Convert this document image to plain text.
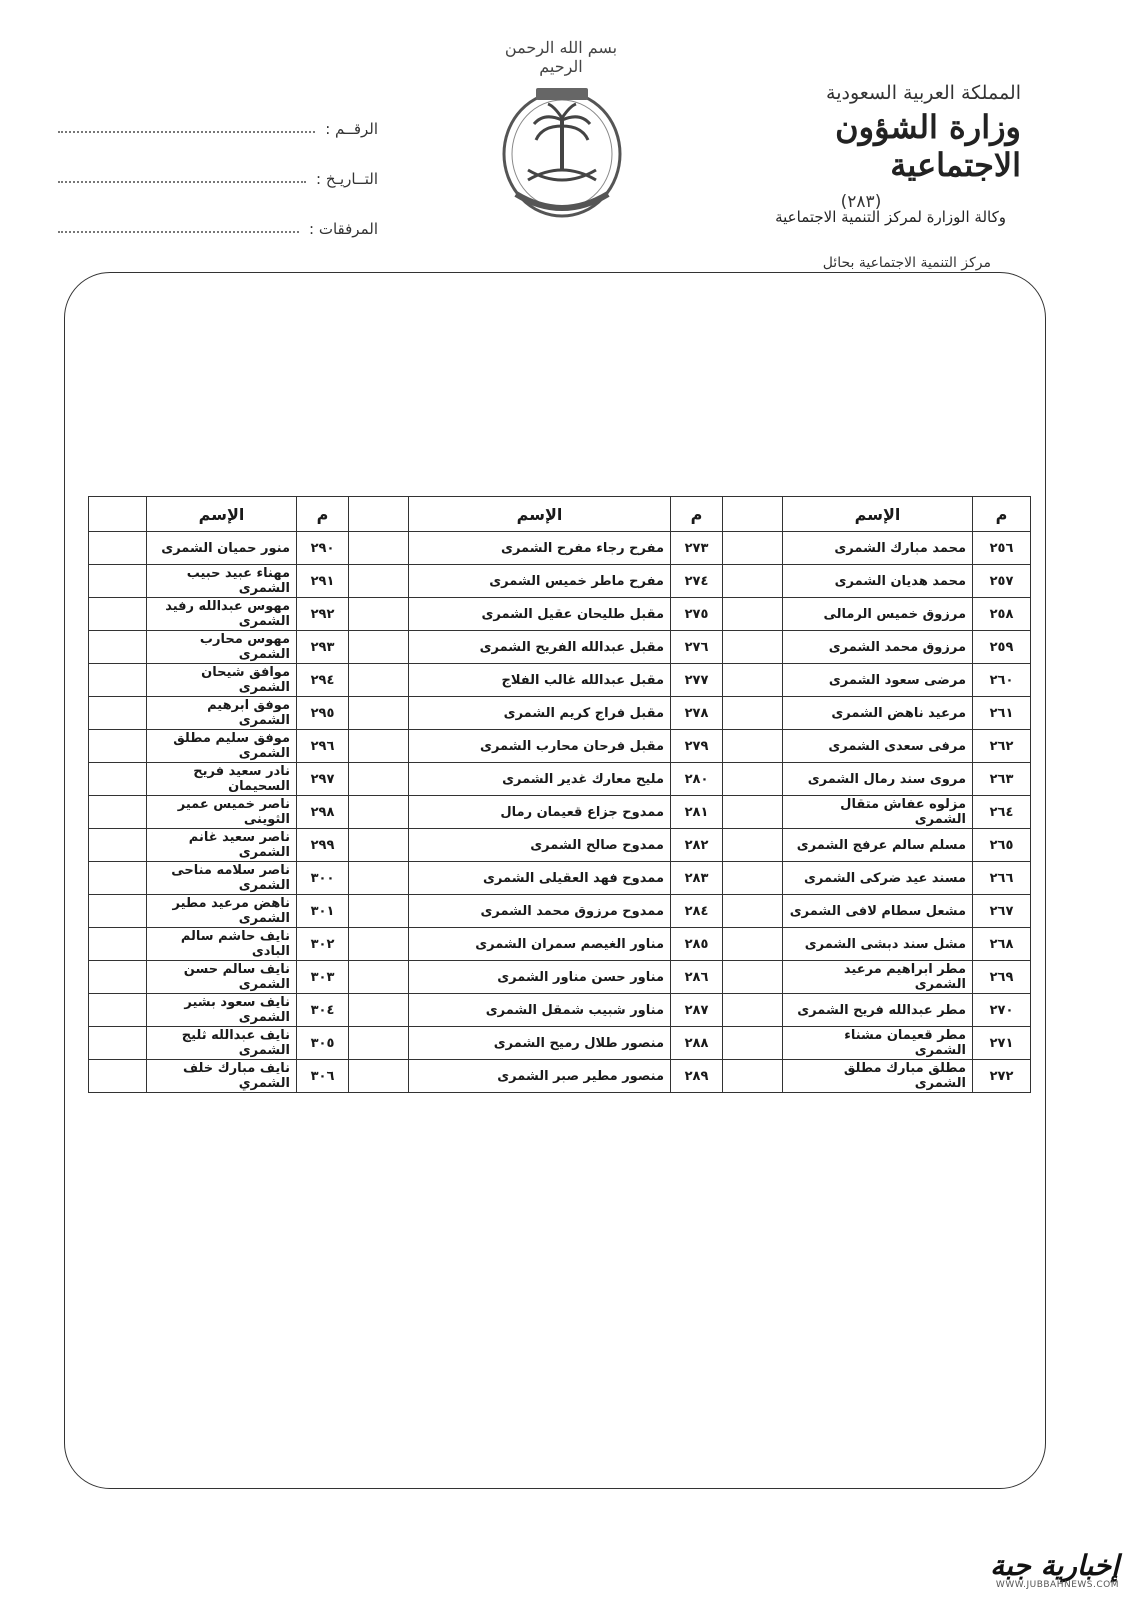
بسم الله الرحمن الرحيم
المملكة العربية السعودية
وزارة الشؤون الاجتماعية
(٢٨٣)
وكالة الوزارة لمركز التنمية الاجتماعية
مركز التنمية الاجتماعية بحائل
الرقــم :
التــاريـخ :
المرفقات :
م	الإسم		م	الإسم		م	الإسم	
٢٥٦	محمد مبارك الشمرى		٢٧٣	مفرح رجاء مفرح الشمرى		٢٩٠	منور حميان الشمرى	
٢٥٧	محمد هديان الشمرى		٢٧٤	مفرح ماطر خميس الشمرى		٢٩١	مهناء عبيد حبيب الشمرى	
٢٥٨	مرزوق خميس الرمالى		٢٧٥	مقبل طليحان عقيل الشمرى		٢٩٢	مهوس عبدالله رفيد الشمرى	
٢٥٩	مرزوق محمد الشمرى		٢٧٦	مقبل عبدالله الفريح الشمرى		٢٩٣	مهوس محارب الشمرى	
٢٦٠	مرضى سعود الشمرى		٢٧٧	مقبل عبدالله غالب الفلاج		٢٩٤	موافق شيحان الشمرى	
٢٦١	مرعيد ناهض الشمرى		٢٧٨	مقبل فراج كريم الشمرى		٢٩٥	موفق ابرهيم الشمرى	
٢٦٢	مرفى سعدى الشمرى		٢٧٩	مقبل فرحان محارب الشمرى		٢٩٦	موفق سليم مطلق الشمرى	
٢٦٣	مروى سند رمال الشمرى		٢٨٠	مليح معارك غدير الشمرى		٢٩٧	نادر سعيد فريح السحيمان	
٢٦٤	مزلوه عفاش متقال الشمرى		٢٨١	ممدوح جزاع قعيمان رمال		٢٩٨	ناصر خميس عمير الثوينى	
٢٦٥	مسلم سالم عرفج الشمرى		٢٨٢	ممدوح صالح الشمرى		٢٩٩	ناصر سعيد غانم الشمرى	
٢٦٦	مسند عيد ضركى الشمرى		٢٨٣	ممدوح فهد العقيلى الشمرى		٣٠٠	ناصر سلامه مناحى الشمرى	
٢٦٧	مشعل سطام لافى الشمرى		٢٨٤	ممدوح مرزوق محمد الشمرى		٣٠١	ناهض مرعيد مطير الشمرى	
٢٦٨	مشل سند دبشى الشمرى		٢٨٥	مناور الغيصم سمران الشمرى		٣٠٢	نايف حاشم سالم البادى	
٢٦٩	مطر ابراهيم مرعيد الشمرى		٢٨٦	مناور حسن مناور الشمرى		٣٠٣	نايف سالم حسن الشمرى	
٢٧٠	مطر عبدالله فريح الشمرى		٢٨٧	مناور شبيب شمقل الشمرى		٣٠٤	نايف سعود بشير الشمرى	
٢٧١	مطر قعيمان مشناء الشمرى		٢٨٨	منصور طلال رميح الشمرى		٣٠٥	نايف عبدالله ثليج الشمرى	
٢٧٢	مطلق مبارك مطلق الشمرى		٢٨٩	منصور مطير صبر الشمرى		٣٠٦	نايف مبارك خلف الشمري	
إخبارية جبة
WWW.JUBBAHNEWS.COM
